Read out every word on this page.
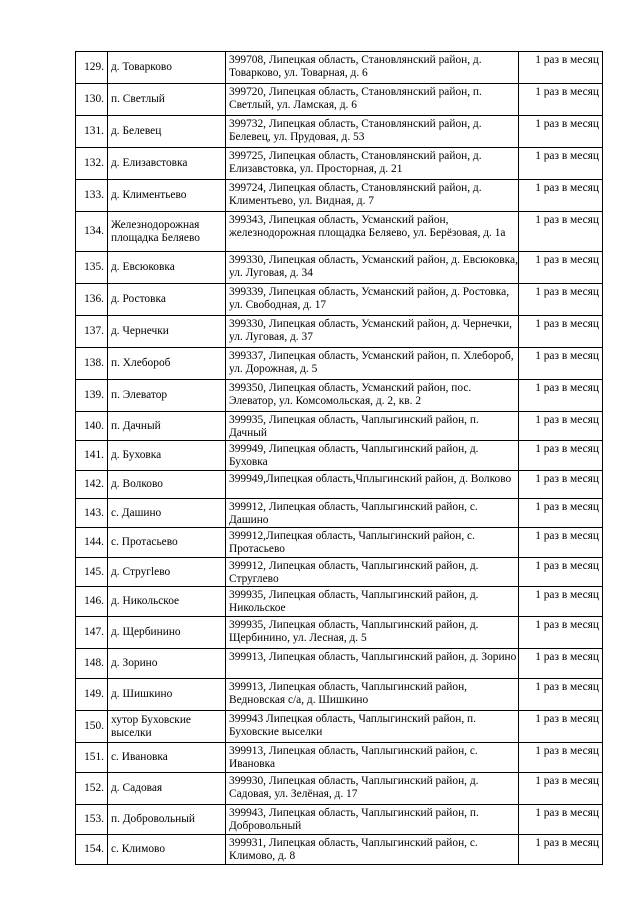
129.	д. Товарково	399708, Липецкая область, Становлянский район, д. Товарково, ул. Товарная, д. 6	1 раз в месяц
130.	п. Светлый	399720, Липецкая область, Становлянский район, п. Светлый, ул. Ламская, д. 6	1 раз в месяц
131.	д. Белевец	399732, Липецкая область, Становлянский район, д. Белевец, ул. Прудовая, д. 53	1 раз в месяц
132.	д. Елизавстовка	399725, Липецкая область, Становлянский район, д. Елизавстовка, ул. Просторная, д. 21	1 раз в месяц
133.	д. Климентьево	399724, Липецкая область, Становлянский район, д. Климентьево, ул. Видная, д. 7	1 раз в месяц
134.	Железнодорожная площадка Беляево	399343, Липецкая область, Усманский район, железнодорожная площадка Беляево, ул. Берёзовая, д. 1а	1 раз в месяц
135.	д. Евсюковка	399330, Липецкая область, Усманский район, д. Евсюковка, ул. Луговая, д. 34	1 раз в месяц
136.	д. Ростовка	399339, Липецкая область, Усманский район, д. Ростовка, ул. Свободная, д. 17	1 раз в месяц
137.	д. Чернечки	399330, Липецкая область, Усманский район, д. Чернечки, ул. Луговая, д. 37	1 раз в месяц
138.	п. Хлебороб	399337, Липецкая область, Усманский район, п. Хлебороб, ул. Дорожная, д. 5	1 раз в месяц
139.	п. Элеватор	399350, Липецкая область, Усманский район, пос. Элеватор, ул. Комсомольская, д. 2, кв. 2	1 раз в месяц
140.	п. Дачный	399935, Липецкая область, Чаплыгинский район, п. Дачный	1 раз в месяц
141.	д. Буховка	399949, Липецкая область, Чаплыгинский район, д. Буховка	1 раз в месяц
142.	д. Волково	399949,Липецкая область,Чплыгинский район, д. Волково	1 раз в месяц
143.	с. Дашино	399912, Липецкая область, Чаплыгинский район, с. Дашино	1 раз в месяц
144.	с. Протасьево	399912,Липецкая область, Чаплыгинский район, с. Протасьево	1 раз в месяц
145.	д. Стругleво	399912, Липецкая область, Чаплыгинский район, д. Струглево	1 раз в месяц
146.	д. Никольское	399935, Липецкая область, Чаплыгинский район, д. Никольское	1 раз в месяц
147.	д. Щербинино	399935, Липецкая область, Чаплыгинский район, д. Щербинино, ул. Лесная, д. 5	1 раз в месяц
148.	д. Зорино	399913, Липецкая область, Чаплыгинский район, д. Зорино	1 раз в месяц
149.	д. Шишкино	399913, Липецкая область, Чаплыгинский район, Ведновская с/а, д. Шишкино	1 раз в месяц
150.	хутор Буховские выселки	399943 Липецкая область, Чаплыгинский район, п. Буховские выселки	1 раз в месяц
151.	с. Ивановка	399913, Липецкая область, Чаплыгинский район, с. Ивановка	1 раз в месяц
152.	д. Садовая	399930, Липецкая область, Чаплыгинский район, д. Садовая, ул. Зелёная, д. 17	1 раз в месяц
153.	п. Добровольный	399943, Липецкая область, Чаплыгинский район, п. Добровольный	1 раз в месяц
154.	с. Климово	399931, Липецкая область, Чаплыгинский район, с. Климово, д. 8	1 раз в месяц
